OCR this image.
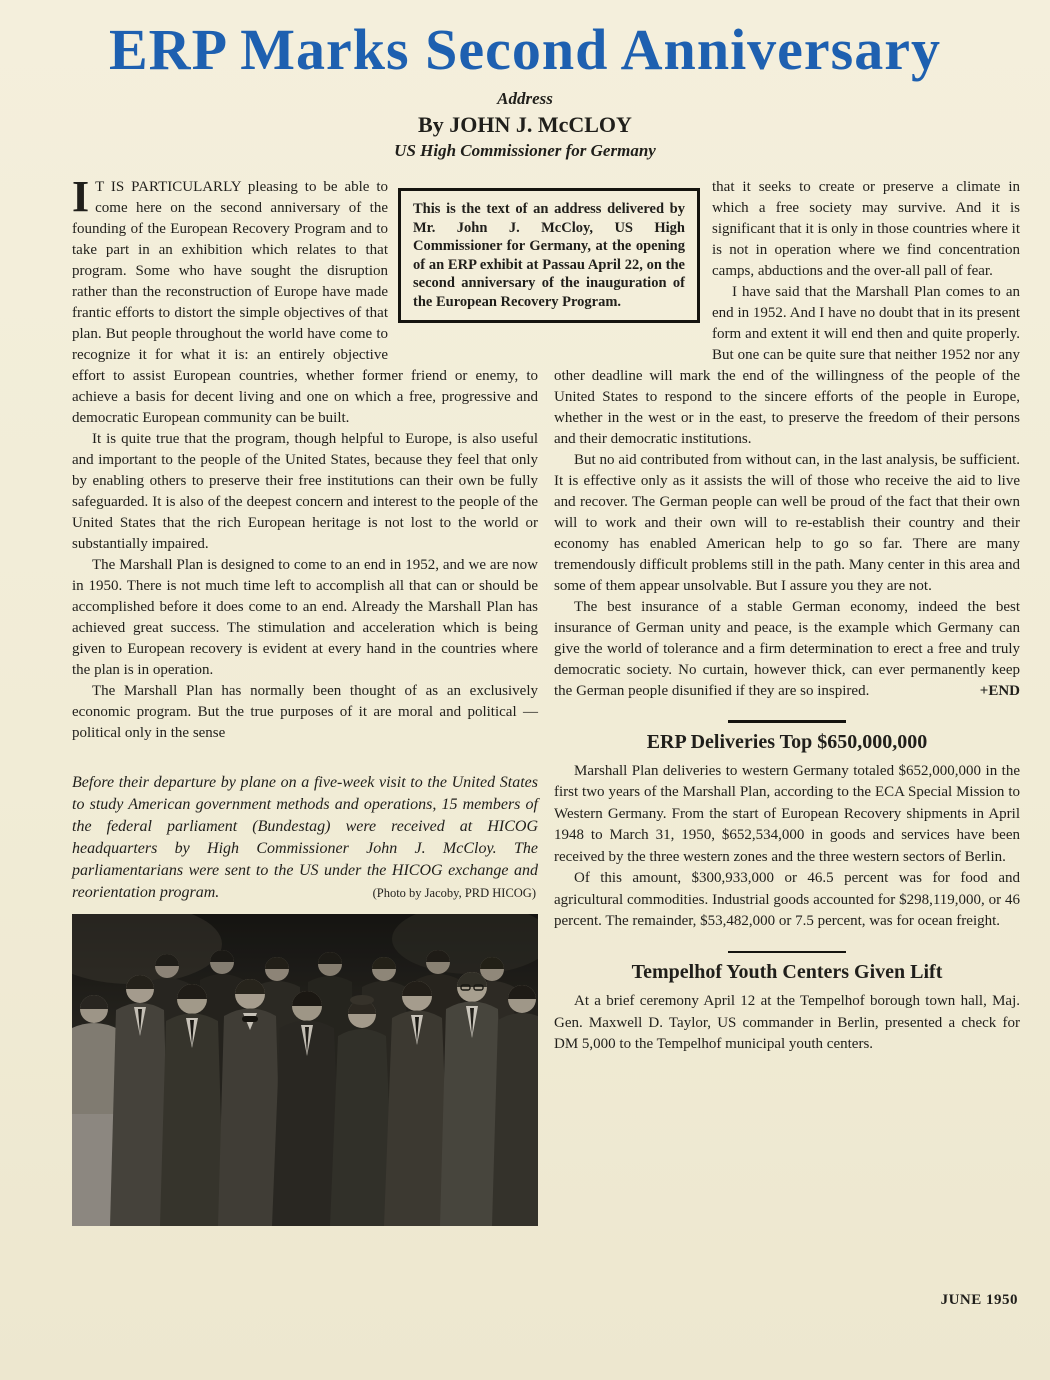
ERP Marks Second Anniversary
Address
By JOHN J. McCLOY
US High Commissioner for Germany

This is the text of an address delivered by Mr. John J. McCloy, US High Commissioner for Germany, at the opening of an ERP exhibit at Passau April 22, on the second anniversary of the inauguration of the European Recovery Program.

I T IS PARTICULARLY pleasing to be able to come here on the second anniversary of the founding of the European Recovery Program and to take part in an exhibition which relates to that program. Some who have sought the disruption rather than the reconstruction of Europe have made frantic efforts to distort the simple objectives of that plan. But people throughout the world have come to recognize it for what it is: an entirely objective effort to assist European countries, whether former friend or enemy, to achieve a basis for decent living and one on which a free, progressive and democratic European community can be built.

It is quite true that the program, though helpful to Europe, is also useful and important to the people of the United States, because they feel that only by enabling others to preserve their free institutions can their own be fully safeguarded. It is also of the deepest concern and interest to the people of the United States that the rich European heritage is not lost to the world or substantially impaired.

The Marshall Plan is designed to come to an end in 1952, and we are now in 1950. There is not much time left to accomplish all that can or should be accomplished before it does come to an end. Already the Marshall Plan has achieved great success. The stimulation and acceleration which is being given to European recovery is evident at every hand in the countries where the plan is in operation.

The Marshall Plan has normally been thought of as an exclusively economic program. But the true purposes of it are moral and political — political only in the sense

Before their departure by plane on a five-week visit to the United States to study American government methods and operations, 15 members of the federal parliament (Bundestag) were received at HICOG headquarters by High Commissioner John J. McCloy. The parliamentarians were sent to the US under the HICOG exchange and reorientation program.	(Photo by Jacoby, PRD HICOG)

that it seeks to create or preserve a climate in which a free society may survive. And it is significant that it is only in those countries where it is not in operation where we find concentration camps, abductions and the over-all pall of fear.

I have said that the Marshall Plan comes to an end in 1952. And I have no doubt that in its present form and extent it will end then and quite properly. But one can be quite sure that neither 1952 nor any other deadline will mark the end of the willingness of the people of the United States to respond to the sincere efforts of the people in Europe, whether in the west or in the east, to preserve the freedom of their persons and their democratic institutions.

But no aid contributed from without can, in the last analysis, be sufficient. It is effective only as it assists the will of those who receive the aid to live and recover. The German people can well be proud of the fact that their own will to work and their own will to re-establish their country and their economy has enabled American help to go so far. There are many tremendously difficult problems still in the path. Many center in this area and some of them appear unsolvable. But I assure you they are not.

The best insurance of a stable German economy, indeed the best insurance of German unity and peace, is the example which Germany can give the world of tolerance and a firm determination to erect a free and truly democratic society. No curtain, however thick, can ever permanently keep the German people disunified if they are so inspired.	+END

ERP Deliveries Top $650,000,000

Marshall Plan deliveries to western Germany totaled $652,000,000 in the first two years of the Marshall Plan, according to the ECA Special Mission to Western Germany. From the start of European Recovery shipments in April 1948 to March 31, 1950, $652,534,000 in goods and services have been received by the three western zones and the three western sectors of Berlin.

Of this amount, $300,933,000 or 46.5 percent was for food and agricultural commodities. Industrial goods accounted for $298,119,000, or 46 percent. The remainder, $53,482,000 or 7.5 percent, was for ocean freight.

Tempelhof Youth Centers Given Lift

At a brief ceremony April 12 at the Tempelhof borough town hall, Maj. Gen. Maxwell D. Taylor, US commander in Berlin, presented a check for DM 5,000 to the Tempelhof municipal youth centers.

JUNE 1950
